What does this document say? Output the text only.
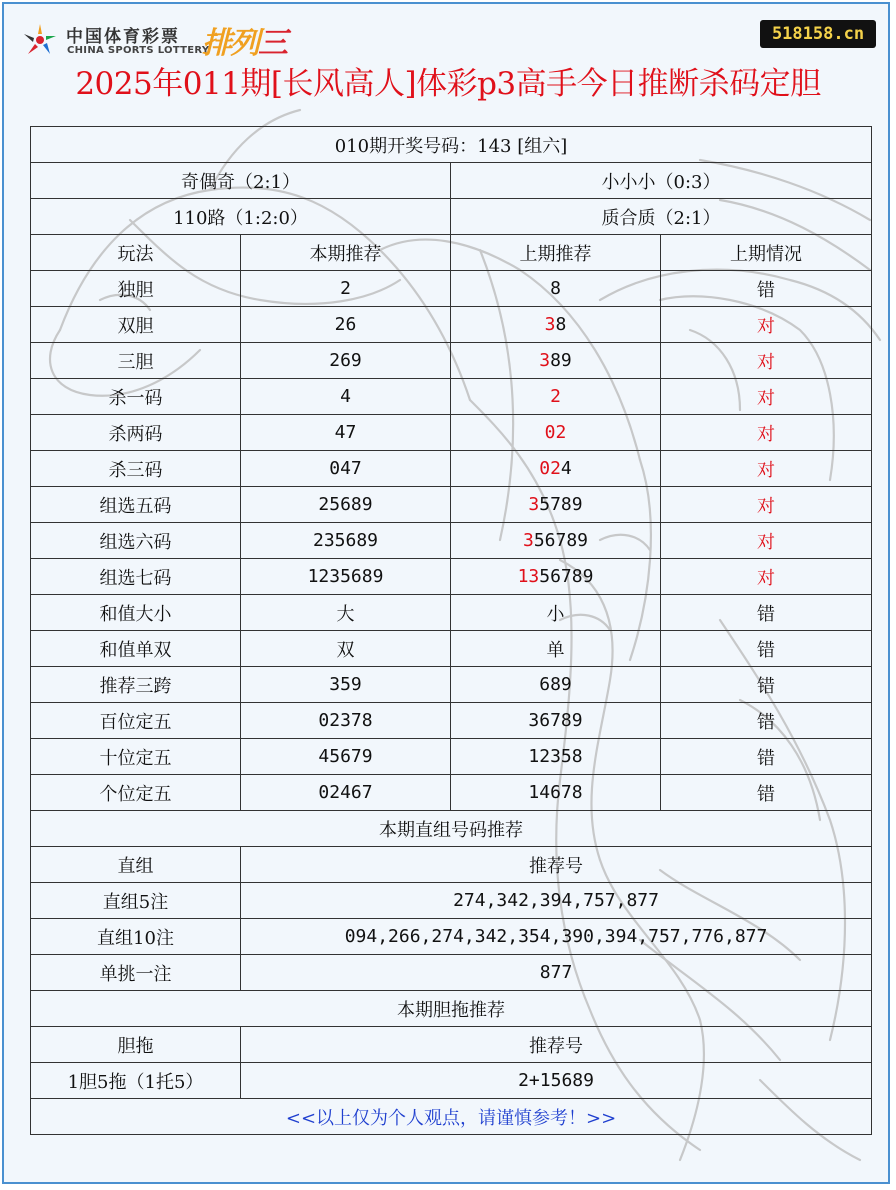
中国体育彩票
CHINA SPORTS LOTTERY
排列三	518158.cn
2025年011期[长风高人]体彩p3高手今日推断杀码定胆
010期开奖号码：143 [组六]			
奇偶奇（2:1）		小小小（0:3）	
110路（1:2:0）		质合质（2:1）	
玩法	本期推荐	上期推荐	上期情况
独胆	2	8	错
双胆	26	38	对
三胆	269	389	对
杀一码	4	2	对
杀两码	47	02	对
杀三码	047	024	对
组选五码	25689	35789	对
组选六码	235689	356789	对
组选七码	1235689	1356789	对
和值大小	大	小	错
和值单双	双	单	错
推荐三跨	359	689	错
百位定五	02378	36789	错
十位定五	45679	12358	错
个位定五	02467	14678	错
本期直组号码推荐			
直组	推荐号		
直组5注	274,342,394,757,877		
直组10注	094,266,274,342,354,390,394,757,776,877		
单挑一注	877		
本期胆拖推荐			
胆拖	推荐号		
1胆5拖（1托5）	2+15689		
<<以上仅为个人观点，请谨慎参考！>>			
